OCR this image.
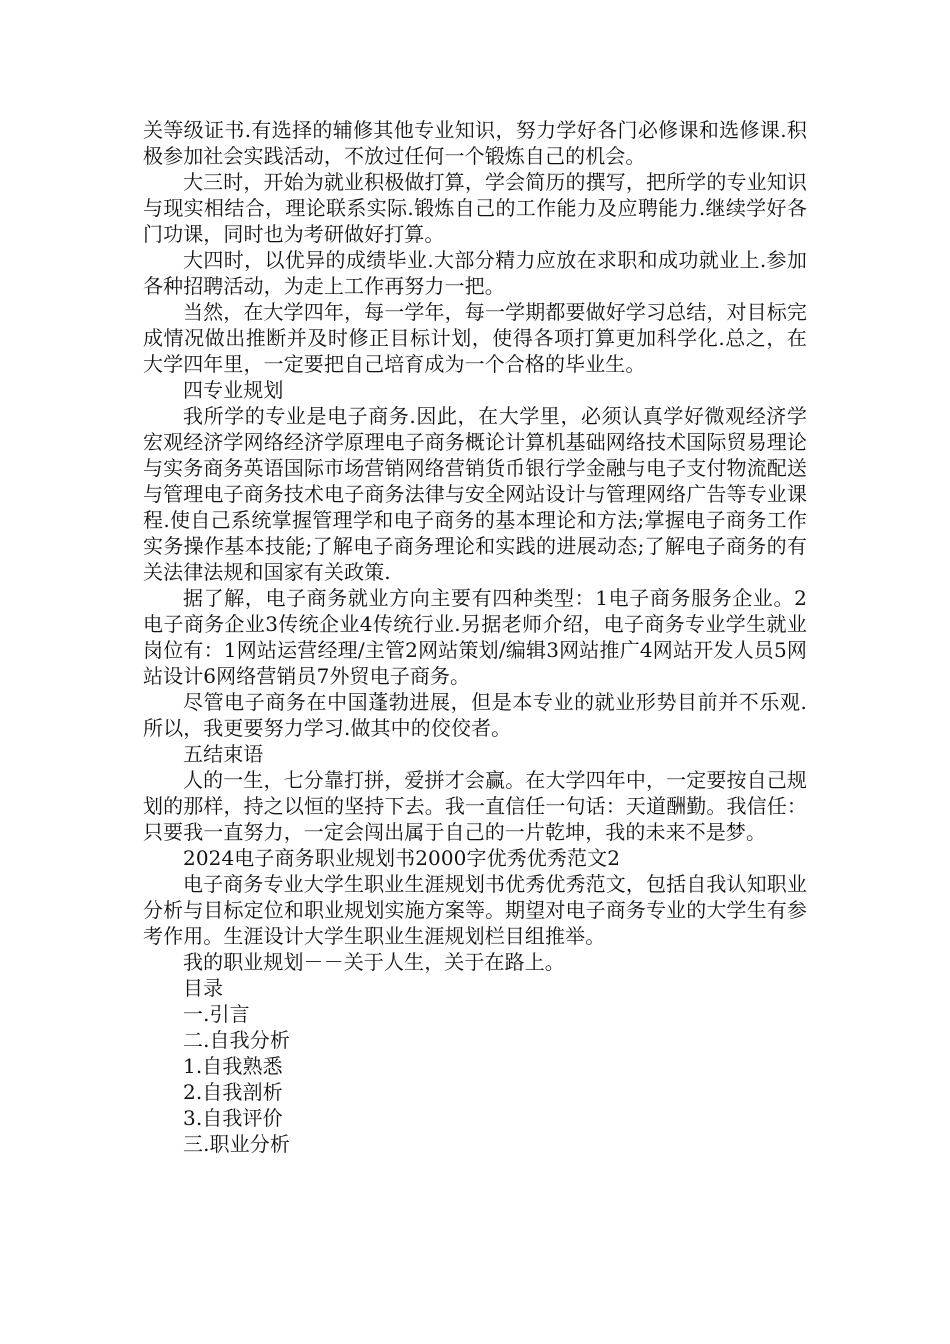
关等级证书.有选择的辅修其他专业知识，努力学好各门必修课和选修课.积极参加社会实践活动，不放过任何一个锻炼自己的机会。

大三时，开始为就业积极做打算，学会简历的撰写，把所学的专业知识与现实相结合，理论联系实际.锻炼自己的工作能力及应聘能力.继续学好各门功课，同时也为考研做好打算。

大四时，以优异的成绩毕业.大部分精力应放在求职和成功就业上.参加各种招聘活动，为走上工作再努力一把。

当然，在大学四年，每一学年，每一学期都要做好学习总结，对目标完成情况做出推断并及时修正目标计划，使得各项打算更加科学化.总之，在大学四年里，一定要把自己培育成为一个合格的毕业生。

四专业规划

我所学的专业是电子商务.因此，在大学里，必须认真学好微观经济学宏观经济学网络经济学原理电子商务概论计算机基础网络技术国际贸易理论与实务商务英语国际市场营销网络营销货币银行学金融与电子支付物流配送与管理电子商务技术电子商务法律与安全网站设计与管理网络广告等专业课程.使自己系统掌握管理学和电子商务的基本理论和方法;掌握电子商务工作实务操作基本技能;了解电子商务理论和实践的进展动态;了解电子商务的有关法律法规和国家有关政策.

据了解，电子商务就业方向主要有四种类型：1电子商务服务企业。2电子商务企业3传统企业4传统行业.另据老师介绍，电子商务专业学生就业岗位有：1网站运营经理/主管2网站策划/编辑3网站推广4网站开发人员5网站设计6网络营销员7外贸电子商务。

尽管电子商务在中国蓬勃进展，但是本专业的就业形势目前并不乐观.所以，我更要努力学习.做其中的佼佼者。

五结束语

人的一生，七分靠打拼，爱拼才会赢。在大学四年中，一定要按自己规划的那样，持之以恒的坚持下去。我一直信任一句话：天道酬勤。我信任：只要我一直努力，一定会闯出属于自己的一片乾坤，我的未来不是梦。

2024电子商务职业规划书2000字优秀优秀范文2

电子商务专业大学生职业生涯规划书优秀优秀范文，包括自我认知职业分析与目标定位和职业规划实施方案等。期望对电子商务专业的大学生有参考作用。生涯设计大学生职业生涯规划栏目组推举。

我的职业规划－－关于人生，关于在路上。

目录

一.引言

二.自我分析

1.自我熟悉

2.自我剖析

3.自我评价

三.职业分析
